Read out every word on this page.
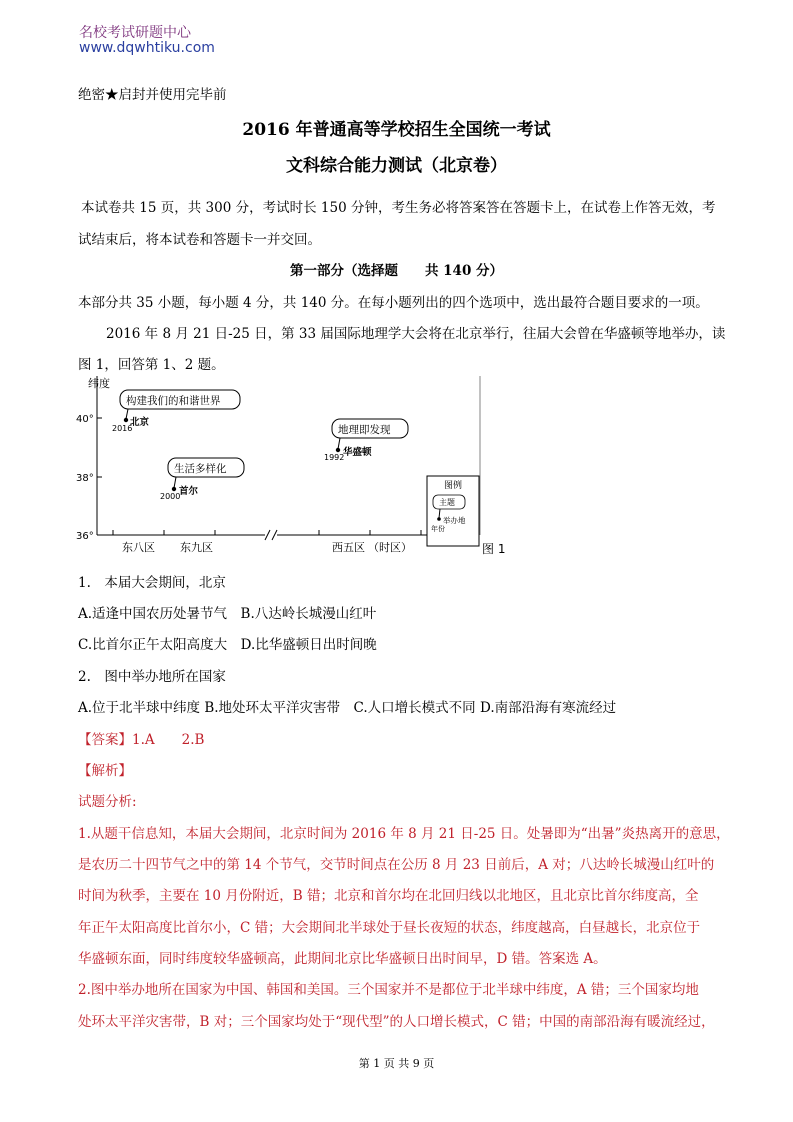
名校考试研题中心
www.dqwhtiku.com
绝密★启封并使用完毕前
2016 年普通高等学校招生全国统一考试
文科综合能力测试（北京卷）
本试卷共 15 页，共 300 分，考试时长 150 分钟，考生务必将答案答在答题卡上，在试卷上作答无效，考
试结束后，将本试卷和答题卡一并交回。
第一部分（选择题　　共 140 分）
本部分共 35 小题，每小题 4 分，共 140 分。在每小题列出的四个选项中，选出最符合题目要求的一项。
2016 年 8 月 21 日-25 日，第 33 届国际地理学大会将在北京举行，往届大会曾在华盛顿等地举办，读
图 1，回答第 1、2 题。
纬度
40°
38°
36°
东八区 东九区	西五区 （时区）
构建我们的和谐世界
2016
北京
生活多样化
2000
首尔
地理即发现
1992
华盛顿
图例
主题
举办地
年份
图 1
1.　本届大会期间，北京
A.适逢中国农历处暑节气　B.八达岭长城漫山红叶
C.比首尔正午太阳高度大　D.比华盛顿日出时间晚
2.　图中举办地所在国家
A.位于北半球中纬度 B.地处环太平洋灾害带　C.人口增长模式不同 D.南部沿海有寒流经过
【答案】1.A　　2.B
【解析】
试题分析:
1.从题干信息知，本届大会期间，北京时间为 2016 年 8 月 21 日-25 日。处暑即为“出暑”炎热离开的意思，
是农历二十四节气之中的第 14 个节气，交节时间点在公历 8 月 23 日前后，A 对；八达岭长城漫山红叶的
时间为秋季，主要在 10 月份附近，B 错；北京和首尔均在北回归线以北地区，且北京比首尔纬度高，全
年正午太阳高度比首尔小，C 错；大会期间北半球处于昼长夜短的状态，纬度越高，白昼越长，北京位于
华盛顿东面，同时纬度较华盛顿高，此期间北京比华盛顿日出时间早，D 错。答案选 A。
2.图中举办地所在国家为中国、韩国和美国。三个国家并不是都位于北半球中纬度，A 错；三个国家均地
处环太平洋灾害带，B 对；三个国家均处于“现代型”的人口增长模式，C 错；中国的南部沿海有暖流经过，
第 1 页 共 9 页
